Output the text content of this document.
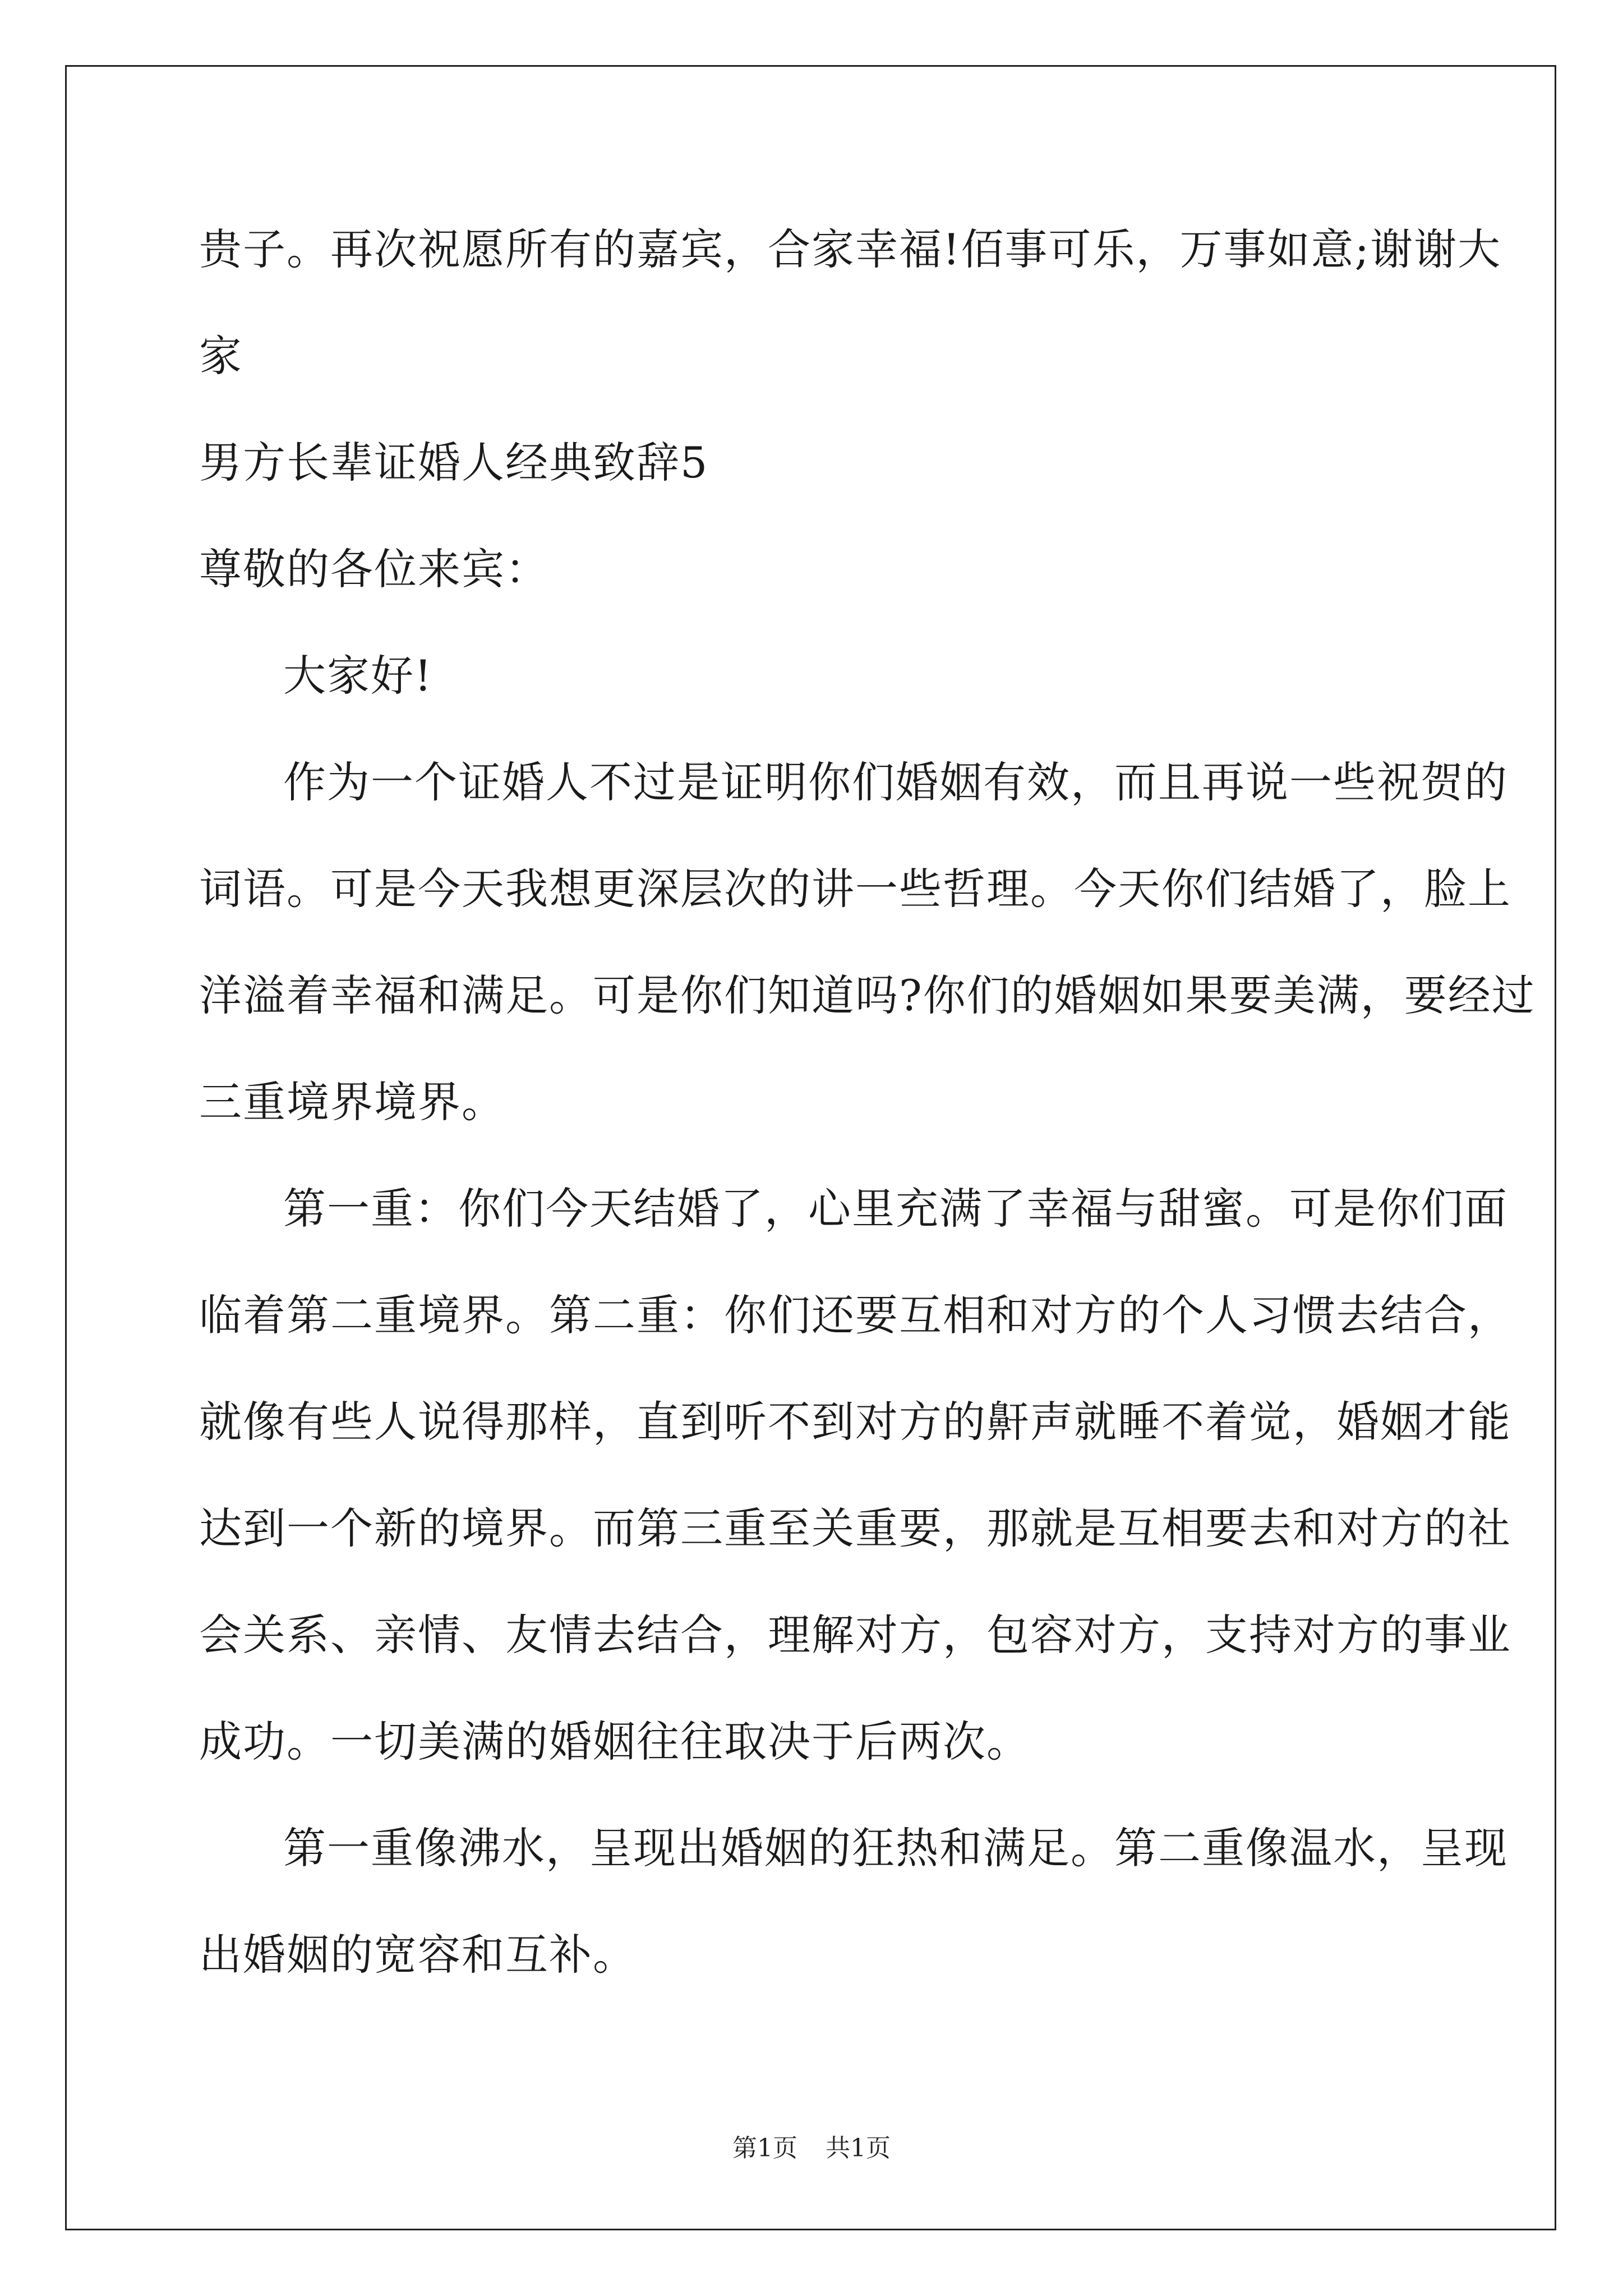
贵子。再次祝愿所有的嘉宾，合家幸福!佰事可乐，万事如意;谢谢大
家
男方长辈证婚人经典致辞5
尊敬的各位来宾：
大家好!
作为一个证婚人不过是证明你们婚姻有效，而且再说一些祝贺的
词语。可是今天我想更深层次的讲一些哲理。今天你们结婚了，脸上
洋溢着幸福和满足。可是你们知道吗?你们的婚姻如果要美满，要经过
三重境界境界。
第一重：你们今天结婚了，心里充满了幸福与甜蜜。可是你们面
临着第二重境界。第二重：你们还要互相和对方的个人习惯去结合，
就像有些人说得那样，直到听不到对方的鼾声就睡不着觉，婚姻才能
达到一个新的境界。而第三重至关重要，那就是互相要去和对方的社
会关系、亲情、友情去结合，理解对方，包容对方，支持对方的事业
成功。一切美满的婚姻往往取决于后两次。
第一重像沸水，呈现出婚姻的狂热和满足。第二重像温水，呈现
出婚姻的宽容和互补。
第1页 共1页
